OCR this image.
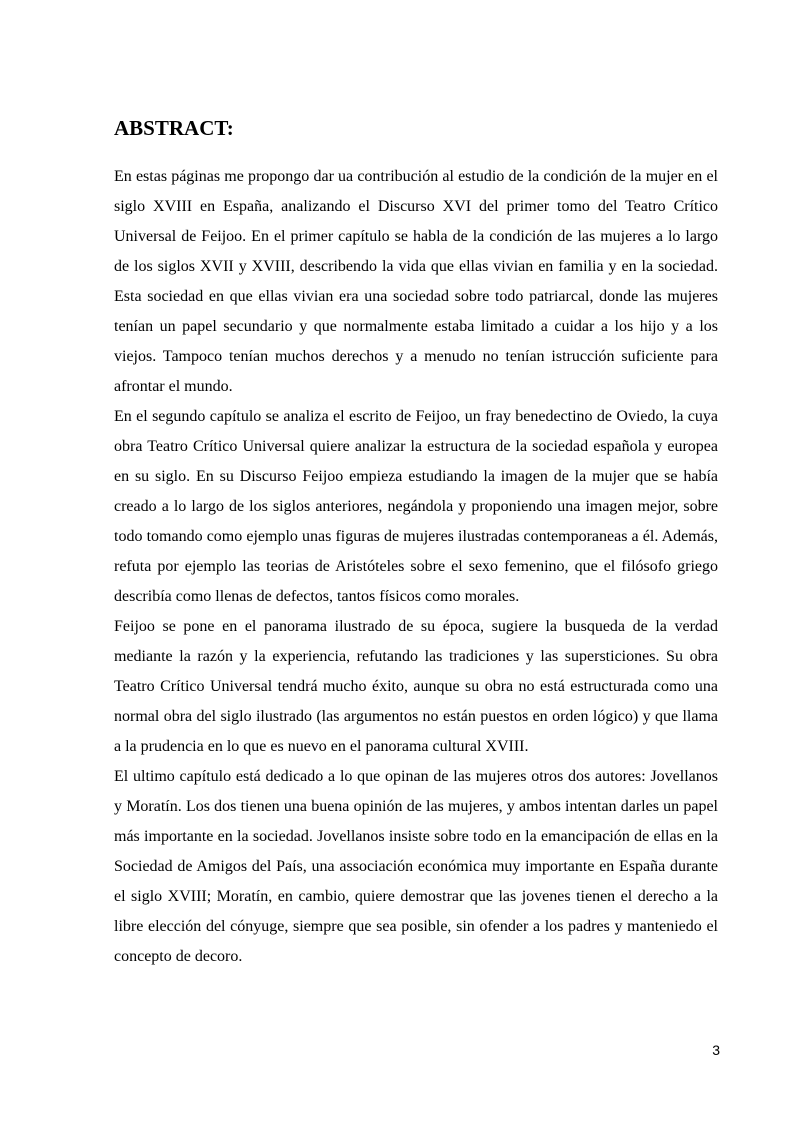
ABSTRACT:

En estas páginas me propongo dar ua contribución al estudio de la condición de la mujer en el siglo XVIII en España, analizando el Discurso XVI del primer tomo del Teatro Crítico Universal de Feijoo. En el primer capítulo se habla de la condición de las mujeres a lo largo de los siglos XVII y XVIII, describendo la vida que ellas vivian en familia y en la sociedad. Esta sociedad en que ellas vivian era una sociedad sobre todo patriarcal, donde las mujeres tenían un papel secundario y que normalmente estaba limitado a cuidar a los hijo y a los viejos. Tampoco tenían muchos derechos y a menudo no tenían istrucción suficiente para afrontar el mundo.

En el segundo capítulo se analiza el escrito de Feijoo, un fray benedectino de Oviedo, la cuya obra Teatro Crítico Universal quiere analizar la estructura de la sociedad española y europea en su siglo. En su Discurso Feijoo empieza estudiando la imagen de la mujer que se había creado a lo largo de los siglos anteriores, negándola y proponiendo una imagen mejor, sobre todo tomando como ejemplo unas figuras de mujeres ilustradas contemporaneas a él. Además, refuta por ejemplo las teorias de Aristóteles sobre el sexo femenino, que el filósofo griego describía como llenas de defectos, tantos físicos como morales.

Feijoo se pone en el panorama ilustrado de su época, sugiere la busqueda de la verdad mediante la razón y la experiencia, refutando las tradiciones y las supersticiones. Su obra Teatro Crítico Universal tendrá mucho éxito, aunque su obra no está estructurada como una normal obra del siglo ilustrado (las argumentos no están puestos en orden lógico) y que llama a la prudencia en lo que es nuevo en el panorama cultural XVIII.

El ultimo capítulo está dedicado a lo que opinan de las mujeres otros dos autores: Jovellanos y Moratín. Los dos tienen una buena opinión de las mujeres, y ambos intentan darles un papel más importante en la sociedad. Jovellanos insiste sobre todo en la emancipación de ellas en la Sociedad de Amigos del País, una associación económica muy importante en España durante el siglo XVIII; Moratín, en cambio, quiere demostrar que las jovenes tienen el derecho a la libre elección del cónyuge, siempre que sea posible, sin ofender a los padres y manteniedo el concepto de decoro.

3
